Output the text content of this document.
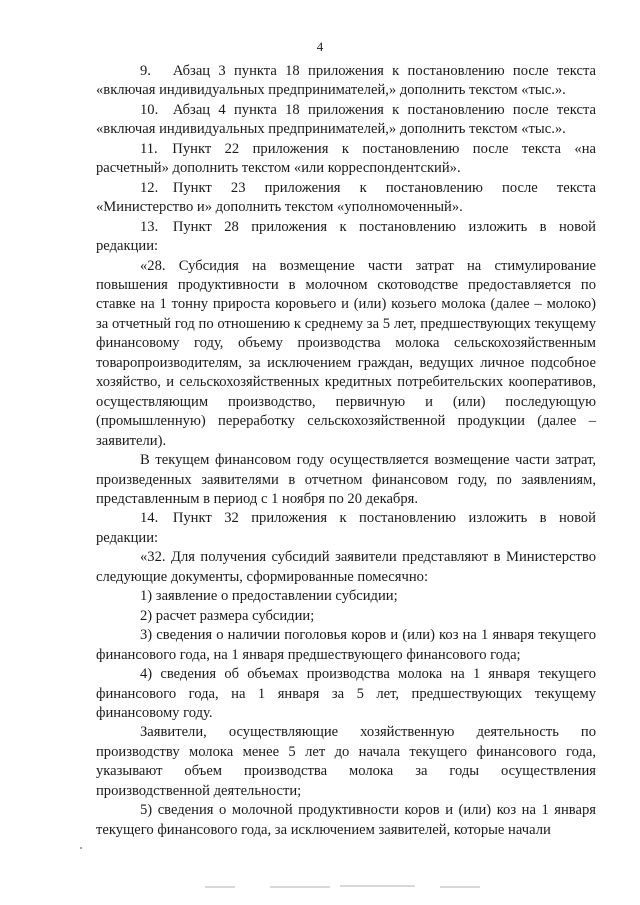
4

9.  Абзац 3 пункта 18 приложения к постановлению после текста «включая индивидуальных предпринимателей,» дополнить текстом «тыс.».

10. Абзац 4 пункта 18 приложения к постановлению после текста «включая индивидуальных предпринимателей,» дополнить текстом «тыс.».

11. Пункт 22 приложения к постановлению после текста «на расчетный» дополнить текстом «или корреспондентский».

12. Пункт 23 приложения к постановлению после текста «Министерство и» дополнить текстом «уполномоченный».

13. Пункт 28 приложения к постановлению изложить в новой редакции:

«28. Субсидия на возмещение части затрат на стимулирование повышения продуктивности в молочном скотоводстве предоставляется по ставке на 1 тонну прироста коровьего и (или) козьего молока (далее – молоко) за отчетный год по отношению к среднему за 5 лет, предшествующих текущему финансовому году, объему производства молока сельскохозяйственным товаропроизводителям, за исключением граждан, ведущих личное подсобное хозяйство, и сельскохозяйственных кредитных потребительских кооперативов, осуществляющим производство, первичную и (или) последующую (промышленную) переработку сельскохозяйственной продукции (далее – заявители).

В текущем финансовом году осуществляется возмещение части затрат, произведенных заявителями в отчетном финансовом году, по заявлениям, представленным в период с 1 ноября по 20 декабря.

14. Пункт 32 приложения к постановлению изложить в новой редакции:

«32. Для получения субсидий заявители представляют в Министерство следующие документы, сформированные помесячно:

1) заявление о предоставлении субсидии;

2) расчет размера субсидии;

3) сведения о наличии поголовья коров и (или) коз на 1 января текущего финансового года, на 1 января предшествующего финансового года;

4) сведения об объемах производства молока на 1 января текущего финансового года, на 1 января за 5 лет, предшествующих текущему финансовому году.

Заявители, осуществляющие хозяйственную деятельность по производству молока менее 5 лет до начала текущего финансового года, указывают объем производства молока за годы осуществления производственной деятельности;

5) сведения о молочной продуктивности коров и (или) коз на 1 января текущего финансового года, за исключением заявителей, которые начали
